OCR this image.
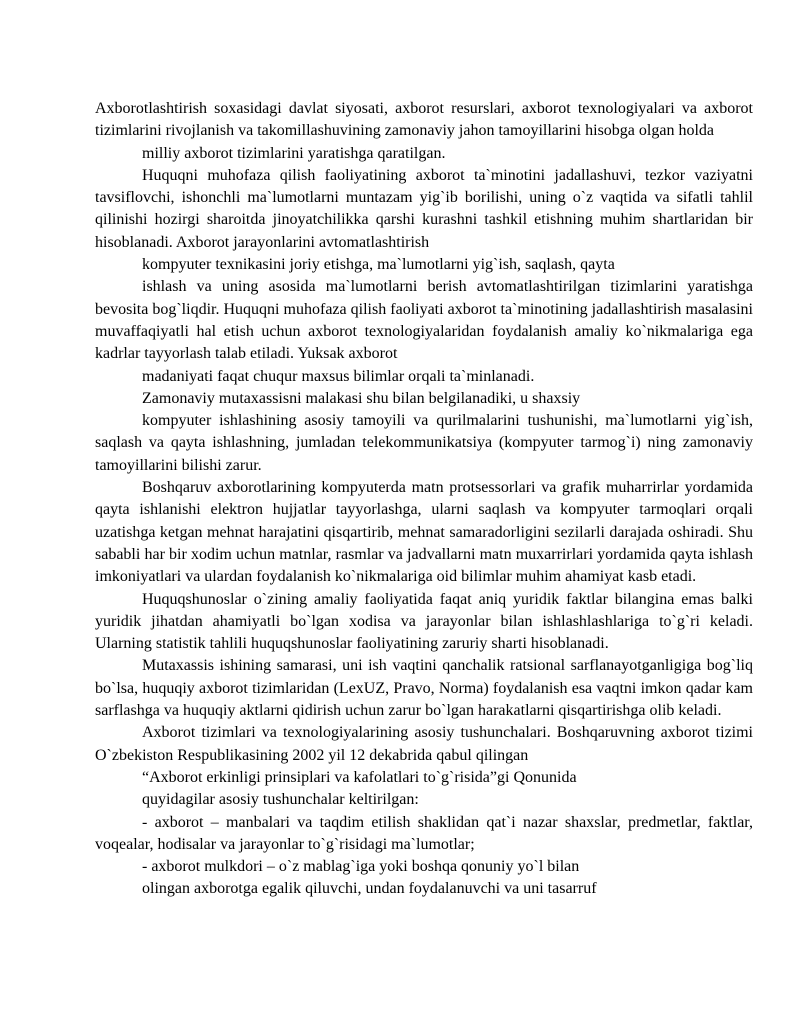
Axborotlashtirish soxasidagi davlat siyosati, axborot resurslari, axborot texnologiyalari va axborot tizimlarini rivojlanish va takomillashuvining zamonaviy jahon tamoyillarini hisobga olgan holda

milliy axborot tizimlarini yaratishga qaratilgan.

Huquqni muhofaza qilish faoliyatining axborot ta`minotini jadallashuvi, tezkor vaziyatni tavsiflovchi, ishonchli ma`lumotlarni muntazam yig`ib borilishi, uning o`z vaqtida va sifatli tahlil qilinishi hozirgi sharoitda jinoyatchilikka qarshi kurashni tashkil etishning muhim shartlaridan bir hisoblanadi. Axborot jarayonlarini avtomatlashtirish

kompyuter texnikasini joriy etishga, ma`lumotlarni yig`ish, saqlash, qayta

ishlash va uning asosida ma`lumotlarni berish avtomatlashtirilgan tizimlarini yaratishga bevosita bog`liqdir. Huquqni muhofaza qilish faoliyati axborot ta`minotining jadallashtirish masalasini muvaffaqiyatli hal etish uchun axborot texnologiyalaridan foydalanish amaliy ko`nikmalariga ega kadrlar tayyorlash talab etiladi. Yuksak axborot

madaniyati faqat chuqur maxsus bilimlar orqali ta`minlanadi.

Zamonaviy mutaxassisni malakasi shu bilan belgilanadiki, u shaxsiy

kompyuter ishlashining asosiy tamoyili va qurilmalarini tushunishi, ma`lumotlarni yig`ish, saqlash va qayta ishlashning, jumladan telekommunikatsiya (kompyuter tarmog`i) ning zamonaviy tamoyillarini bilishi zarur.

Boshqaruv axborotlarining kompyuterda matn protsessorlari va grafik muharrirlar yordamida qayta ishlanishi elektron hujjatlar tayyorlashga, ularni saqlash va kompyuter tarmoqlari orqali uzatishga ketgan mehnat harajatini qisqartirib, mehnat samaradorligini sezilarli darajada oshiradi. Shu sababli har bir xodim uchun matnlar, rasmlar va jadvallarni matn muxarrirlari yordamida qayta ishlash imkoniyatlari va ulardan foydalanish ko`nikmalariga oid bilimlar muhim ahamiyat kasb etadi.

Huquqshunoslar o`zining amaliy faoliyatida faqat aniq yuridik faktlar bilangina emas balki yuridik jihatdan ahamiyatli bo`lgan xodisa va jarayonlar bilan ishlashlashlariga to`g`ri keladi. Ularning statistik tahlili huquqshunoslar faoliyatining zaruriy sharti hisoblanadi.

Mutaxassis ishining samarasi, uni ish vaqtini qanchalik ratsional sarflanayotganligiga bog`liq bo`lsa, huquqiy axborot tizimlaridan (LexUZ, Pravo, Norma) foydalanish esa vaqtni imkon qadar kam sarflashga va huquqiy aktlarni qidirish uchun zarur bo`lgan harakatlarni qisqartirishga olib keladi.

Axborot tizimlari va texnologiyalarining asosiy tushunchalari. Boshqaruvning axborot tizimi O`zbekiston Respublikasining 2002 yil 12 dekabrida qabul qilingan

“Axborot erkinligi prinsiplari va kafolatlari to`g`risida”gi Qonunida

quyidagilar asosiy tushunchalar keltirilgan:

- axborot – manbalari va taqdim etilish shaklidan qat`i nazar shaxslar, predmetlar, faktlar, voqealar, hodisalar va jarayonlar to`g`risidagi ma`lumotlar;

- axborot mulkdori – o`z mablag`iga yoki boshqa qonuniy yo`l bilan

olingan axborotga egalik qiluvchi, undan foydalanuvchi va uni tasarruf
